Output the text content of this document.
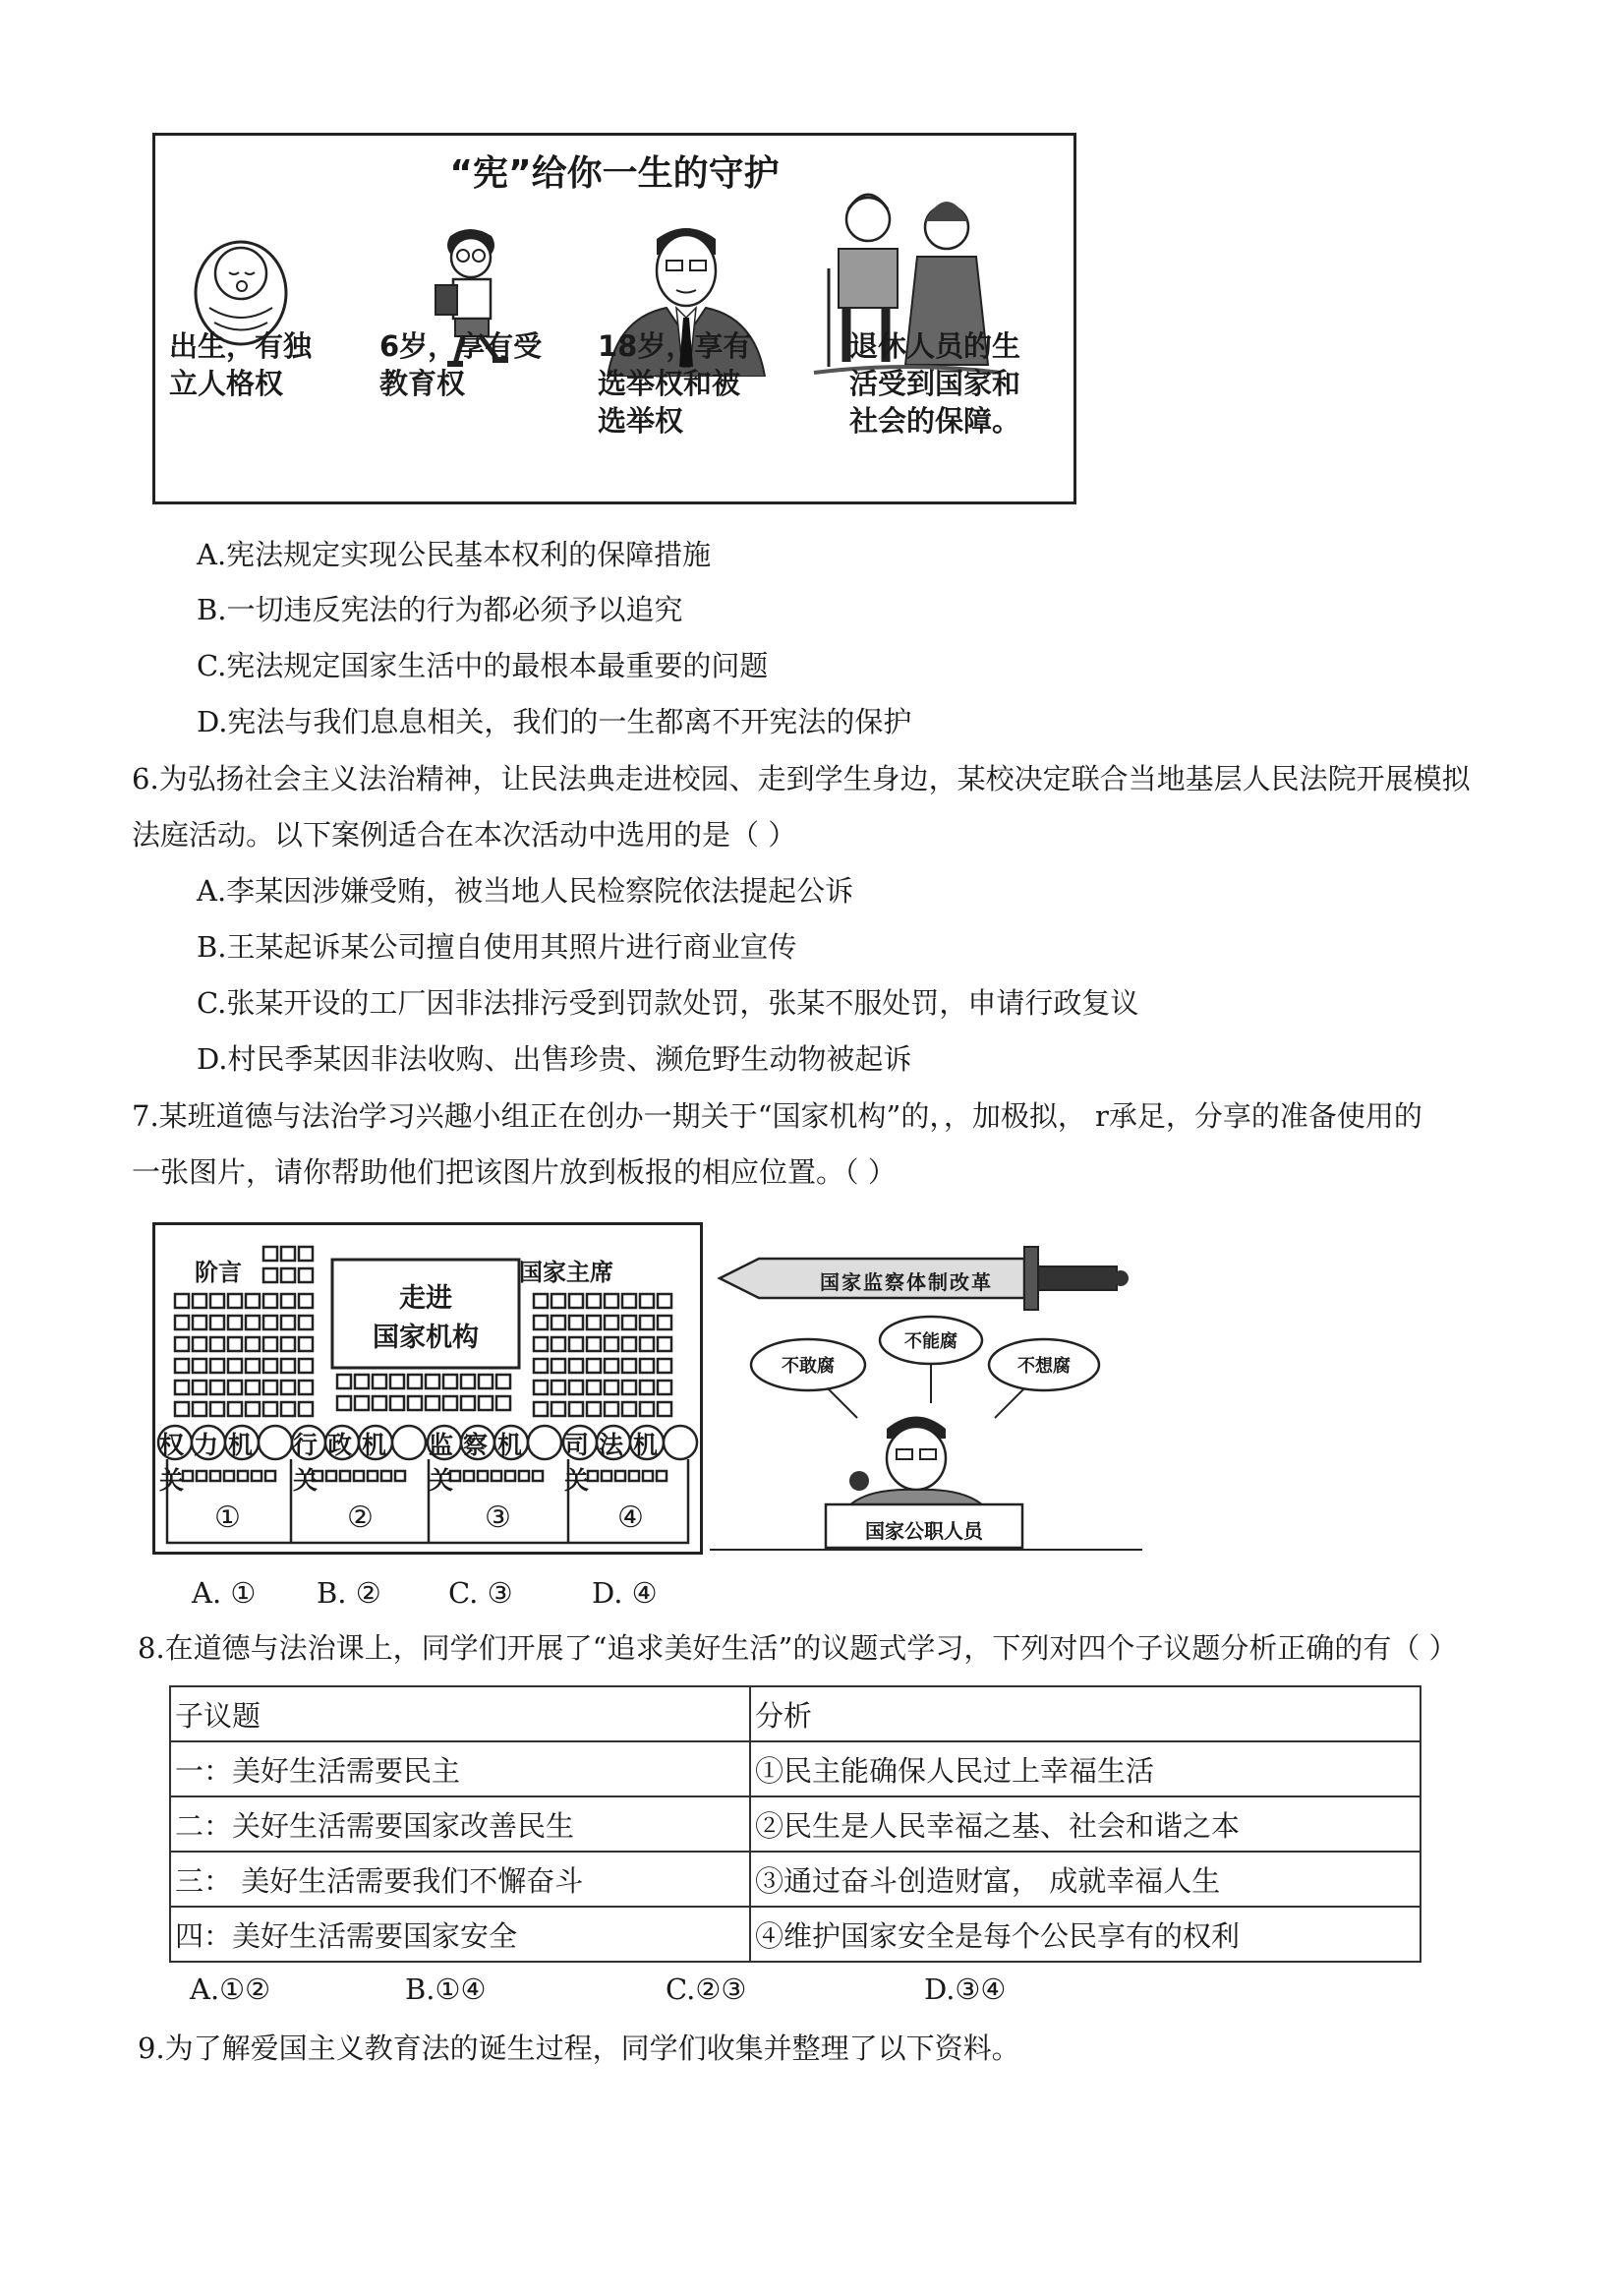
“宪”给你一生的守护
出生，有独立人格权
6岁，享有受教育权
18岁，享有选举权和被选举权
退休人员的生活受到国家和社会的保障。
A.宪法规定实现公民基本权利的保障措施
B.一切违反宪法的行为都必须予以追究
C.宪法规定国家生活中的最根本最重要的问题
D.宪法与我们息息相关，我们的一生都离不开宪法的保护
6.为弘扬社会主义法治精神，让民法典走进校园、走到学生身边，某校决定联合当地基层人民法院开展模拟
法庭活动。以下案例适合在本次活动中选用的是（ ）
A.李某因涉嫌受贿，被当地人民检察院依法提起公诉
B.王某起诉某公司擅自使用其照片进行商业宣传
C.张某开设的工厂因非法排污受到罚款处罚，张某不服处罚，申请行政复议
D.村民季某因非法收购、出售珍贵、濒危野生动物被起诉
7.某班道德与法治学习兴趣小组正在创办一期关于“国家机构”的，，加极拟， r承足，分享的准备使用的
一张图片，请你帮助他们把该图片放到板报的相应位置。（ ）
阶言	国家主席
走进
国家机构
权力机关
行政机关
监察机关
司法机关
①	②	③	④
国家监察体制改革
不敢腐
不能腐
不想腐
国家公职人员
A. ① B. ② C. ③	D. ④
8.在道德与法治课上，同学们开展了“追求美好生活”的议题式学习，下列对四个子议题分析正确的有（ ）
子议题	分析
一：美好生活需要民主	①民主能确保人民过上幸福生活
二：关好生活需要国家改善民生	②民生是人民幸福之基、社会和谐之本
三： 美好生活需要我们不懈奋斗	③通过奋斗创造财富， 成就幸福人生
四：美好生活需要国家安全	④维护国家安全是每个公民享有的权利
A.①②	B.①④	C.②③	D.③④
9.为了解爱国主义教育法的诞生过程，同学们收集并整理了以下资料。
